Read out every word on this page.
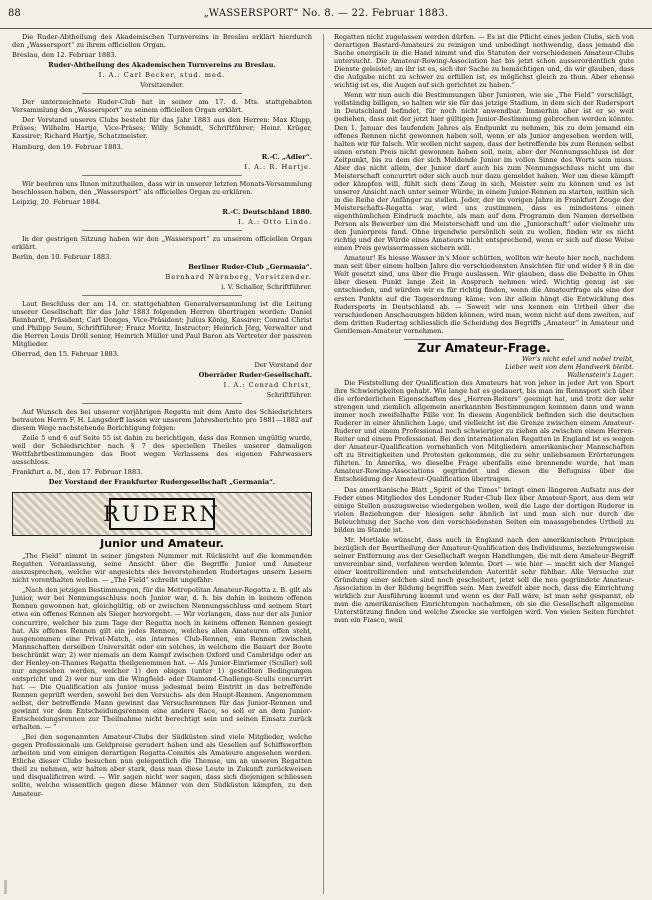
88	„WASSERSPORT“ No. 8. — 22. Februar 1883.

Die Ruder-Abtheilung des Akademischen Turnvereins in Breslau erklärt hierdurch den „Wassersport“ zu ihrem officiellen Organ.

Breslau, den 12. Februar 1883.

Ruder-Abtheilung des Akademischen Turnvereins zu Breslau.

I. A.: Carl Becker, stud. med.

Vorsitzender.

Der unterzeichnete Ruder-Club hat in seiner am 17. d. Mts. stattgehabten Versammlung den „Wassersport“ zu seinem officiellen Organ erklärt.

Der Vorstand unseres Clubs besteht für das Jahr 1883 aus den Herren: Max Klupp, Präses; Wilhelm Hartje, Vice-Präses; Willy Schmidt, Schriftführer; Heinr. Krüger, Kassirer; Richard Hartje, Schatzmeister.

Hamburg, den 19. Februar 1883.

R.-C. „Adler“.

I. A.: R. Hartje.

Wir beehren uns Ihnen mitzutheilen, dass wir in unserer letzten Monats-Versammlung beschlossen haben, den „Wassersport“ als officielles Organ zu erklären.

Leipzig, 20. Februar 1884.

R.-C. Deutschland 1880.

I. A.: Otto Linde.

In der gestrigen Sitzung haben wir den „Wassersport“ zu unserem officiellen Organ erklärt.

Berlin, den 10. Februar 1883.

Berliner Ruder-Club „Germania“.

Bernhard Nürnberg, Vorsitzender.

i. V. Schaller, Schriftführer.

Laut Beschluss der am 14. cr. stattgehabten Generalversammlung ist die Leitung unserer Gesellschaft für das Jahr 1883 folgenden Herren übertragen worden: Daniel Reinhardt, Präsident; Carl Donges, Vice-Präsident; Julius König, Kassirer; Conrad Christ und Philipp Seum, Schriftführer; Franz Moritz, Instructor; Heinrich Jörg, Verwalter und die Herren Louis Dröll senior, Heinrich Müller und Paul Baron als Vertreter der passiven Mitglieder.

Oberrad, den 15. Februar 1883.

Der Vorstand der

Oberräder Ruder-Gesellschaft.

I. A.: Conrad Christ,

Schriftführer.

Auf Wunsch des bei unserer vorjährigen Regatta mit dem Amte des Schiedsrichters betrauten Herrn F. H. Langsdorff lassen wir unserem Jahresberichte pro 1881—1882 auf diesem Wege nachstehende Berichtigung folgen:

Zeile 5 und 6 auf Seite 55 ist dahin zu berichtigen, dass das Rennen ungültig wurde, weil der Schiedsrichter nach § 7 des speciellen Theiles unserer damaligen Wettfahrtbestimmungen das Boot wegen Verlassens des eigenen Fahrwassers ausschloss.

Frankfurt a. M., den 17. Februar 1883.

Der Vorstand der Frankfurter Rudergesellschaft „Germania“.

RUDERN
Junior und Amateur.

„The Field“ nimmt in seiner jüngsten Nummer mit Rücksicht auf die kommenden Regatten Veranlassung, seine Ansicht über die Begriffe Junior und Amateur auszusprechen, welche wir angesichts des bevorstehenden Rudertages unsern Lesern nicht vorenthalten wollen. — „The Field“ schreibt ungefähr:

„Nach den jetzigen Bestimmungen, für die Metropolitan Amateur-Regatta z. B. gilt als Junior, wer bei Nennungsschluss noch Junior war, d. h. bis dahin in keinem offenen Rennen gewonnen hat, gleichgültig, ob er zwischen Nennungsschluss und seinem Start etwa ein offenes Rennen als Sieger hervorgeht. — Wir verlangen, dass nur der als Junior concurrire, welcher bis zum Tage der Regatta noch in keinem offenen Rennen gesiegt hat. Als offenes Rennen gilt ein jedes Rennen, welches allen Amateuren offen steht, ausgenommen eine Privat-Match, ein internes Club-Rennen, ein Rennen zwischen Mannschaften derselben Universität oder ein solches, in welchem die Bauart der Boote beschränkt war; 2) wer niemals an dem Kampf zwischen Oxford und Cambridge oder an der Henley-on-Thames Regatta theilgenommen hat. — Als Junior-Einriemer (Sculler) soll nur angesehen werden, welcher 1) den obigen (unter 1) gestellten Bedingungen entspricht und 2) wer nur um die Wingfield- oder Diamond-Challenge-Sculls concurrirt hat. — Die Qualification als Junior muss jedesmal beim Eintritt in das betreffende Rennen geprüft werden, sowohl bei den Versuchs- als den Haupt-Rennen. Angenommen selbst, der betreffende Mann gewinnt das Versuchsrennen für das Junior-Rennen und gewinnt vor dem Entscheidungsrennen eine andere Race, so soll er an dem Junior-Entscheidungsrennen zur Theilnahme nicht berechtigt sein und seinen Einsatz zurück erhalten. — “

„Bei den sogenannten Amateur-Clubs der Südküsten sind viele Mitglieder, welche gegen Professionals um Geldpreise gerudert haben und als Gesellen auf Schiffswerften arbeiten und von einigen derartigen Regatta-Comités als Amateure angesehen werden. Etliche dieser Clubs besuchen nun gelegentlich die Themse, um an unseren Regatten theil zu nehmen, wir halten aber stark, dass man diese Leute in Zukunft zurückweisen und disqualificiren wird. — Wir sagen nicht wer sagen, dass sich diejenigen schliessen sollte, welche wissentlich gegen diese Männer von den Südküsten kämpfen, zu den Amateur-

Regatten nicht zugelassen werden dürfen. — Es ist die Pflicht eines jeden Clubs, sich von derartigen Bastard-Amateurs zu reinigen und unbedingt nothwendig, dass jemand die Sache energisch in die Hand nimmt und die Statuten der verschiedenen Amateur-Clubs untersucht. Die Amateur-Rowing-Association hat bis jetzt schon ausserordentlich gute Dienste geleistet; an ihr ist es, sich der Sache zu bemächtigen und, da wir glauben, dass die Aufgabe nicht zu schwer zu erfüllen ist, es möglichst gleich zu thun. Aber ebenso wichtig ist es, die Augen auf sich gerichtet zu haben.“

Wenn wir nun auch die Bestimmungen über Junioren, wie sie „The Field“ vorschlägt, vollständig billigen, so halten wir sie für das jetzige Stadium, in dem sich der Rudersport in Deutschland befindet, für noch nicht anwendbar. Immerhin aber ist er so weit gediehen, dass mit der jetzt hier gültigen Junior-Bestimmung gebrochen werden könnte. Den 1. Januar des laufenden Jahres als Endpunkt zu nehmen, bis zu dem jemand ein offenes Rennen nicht gewonnen haben soll, wenn er als Junior angesehen werden will, halten wir für falsch. Wir wollen nicht sagen, dass der betreffende bis zum Rennen selbst einen ersten Preis nicht gewonnen haben soll, nein, aber der Nennungsschluss ist der Zeitpunkt, bis zu dem der sich Meldende Junior im vollen Sinne des Worts sein muss. Aber das nicht allein, der Junior darf auch bis zum Nennungsschluss nicht um die Meisterschaft concurrirt oder sich auch nur dazu gemeldet haben. Wer um diese kämpft oder kämpfen will, fühlt sich dem Zeug in sich, Meister sein zu können und es ist unserer Ansicht nach unter seiner Würde, in einem Junior-Rennen zu starten, mithin sich in die Reihe der Anfänger zu stellen. Jeder, der im vorigen Jahre in Frankfurt Zeuge der Meisterschafts-Regatta war, wird uns zustimmen, dass es mindestens einen eigenthümlichen Eindruck machte, als man auf dem Programm den Namen derselben Person als Bewerber um die Meisterschaft und um die „Juniorschaft“ oder vielmehr um den Juniorpreis fand. Ohne irgendwie persönlich sein zu wollen, finden wir es nicht richtig und der Würde eines Amateurs nicht entsprechend, wenn er sich auf diese Weise einen Preis gewissermassen sichern will.

Amateur! Es hiesse Wasser in's Meer schütten, wollten wir heute hier noch, nachdem man seit über einem halben Jahre die verschiedensten Ansichten für und wider § 8 in die Welt gesetzt sind, uns über die Frage auslassen. Wir glauben, dass die Debatte in Ohm über diesen Punkt lange Zeit in Anspruch nehmen wird. Wichtig genug ist sie entschieden, und würden wir es für richtig finden, wenn die Amateurfrage als eine der ersten Punkte auf die Tagesordnung käme; von ihr allein hängt die Entwicklung des Rudersports in Deutschland ab. — Soweit wir uns kennen ein Urtheil über die verschiedenen Anschauungen bilden können, wird man, wenn nicht auf dem zweiten, auf dem dritten Rudertag schliesslich die Scheidung des Begriffs „Amateur“ in Amateur und Gentleman-Amateur vornehmen.

Zur Amateur-Frage.

Wer's nicht edel und nobel treibt,

Lieber weit von dem Handwerk bleibt.

Wallenstein's Lager.

Die Feststellung der Qualification des Amateurs hat von jeher in jeder Art von Sport ihre Schwierigkeiten gehabt. Wie lange hat es gedauert, bis man im Rennsport sich über die erforderlichen Eigenschaften des „Herren-Reiters“ geeinigt hat, und trotz der sehr strengen und ziemlich allgemein anerkannten Bestimmungen kommen dann und wann immer noch zweifelhafte Fälle vor. In diesem Augenblick befinden sich die deutschen Ruderer in einer ähnlichen Lage, und vielleicht ist die Grenze zwischen einem Amateur-Ruderer und einem Professional noch schwieriger zu ziehen als zwischen einem Herren-Reiter und einem Professional. Bei den internationalen Regatten in England ist es wegen der Amateur-Qualification vornehmlich von Mitgliedern amerikanischer Mannschaften oft zu Streitigkeiten und Protesten gekommen, die zu sehr unliebsamen Erörterungen führten. In Amerika, wo dieselbe Frage ebenfalls eine brennende wurde, hat man Amateur-Rowing-Associations gegründet und diesen die Befugniss über die Entscheidung der Amateur-Qualification übertragen.

Das amerikanische Blatt „Spirit of the Times“ bringt einen längeren Aufsatz aus der Feder eines Mitgliedes des Londoner Ruder-Club Ilex über Amateur-Sport, aus dem wir einige Stellen auszugsweise wiedergeben wollen, weil die Lage der dortigen Ruderer in vielen Beziehungen der hiesigen sehr ähnlich ist und man sich nur durch die Beleuchtung der Sache von den verschiedensten Seiten ein maassgebendes Urtheil zu bilden im Stande ist.

Mr. Mortlake wünscht, dass auch in England nach den amerikanischen Principien bezüglich der Beurtheilung der Amateur-Qualification des Individuums, beziehungsweise seiner Entfernung aus der Gesellschaft wegen Handlungen, die mit dem Amateur-Begriff unvereinbar sind, verfahren werden könnte. Dort — wie hier — macht sich der Mangel einer kontrollirenden und entscheidenden Autorität sehr fühlbar. Alle Versuche zur Gründung einer solchen sind noch gescheitert, jetzt soll die neu gegründete Amateur-Association in der Bildung begriffen sein. Man zweifelt aber noch, dass die Einrichtung wirklich zur Ausführung kommt und wenn es der Fall wäre, ist man sehr gespannt, ob man die amerikanischen Einrichtungen nachahmen, ob sie die Gesellschaft allgemeine Unterstützung finden und welche Zwecke sie verfolgen wird. Von vielen Seiten fürchtet man ein Fiasco, weil
